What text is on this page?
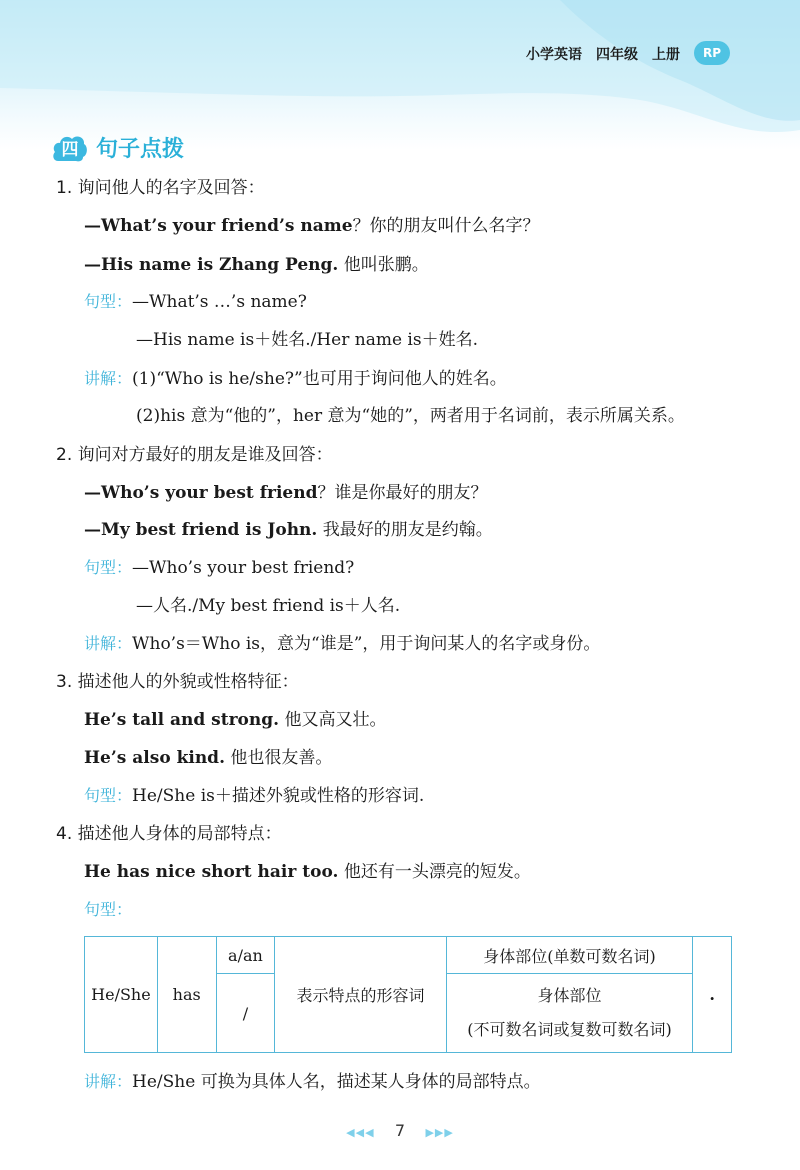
小学英语 四年级 上册	RP
四 句子点拨
1. 询问他人的名字及回答：
—What’s your friend’s name？你的朋友叫什么名字？
—His name is Zhang Peng. 他叫张鹏。
句型：—What’s …’s name?
—His name is＋姓名./Her name is＋姓名.
讲解：(1)“Who is he/she?”也可用于询问他人的姓名。
(2)his 意为“他的”，her 意为“她的”，两者用于名词前，表示所属关系。
2. 询问对方最好的朋友是谁及回答：
—Who’s your best friend？谁是你最好的朋友？
—My best friend is John. 我最好的朋友是约翰。
句型：—Who’s your best friend?
—人名./My best friend is＋人名.
讲解：Who’s＝Who is，意为“谁是”，用于询问某人的名字或身份。
3. 描述他人的外貌或性格特征：
He’s tall and strong. 他又高又壮。
He’s also kind. 他也很友善。
句型：He/She is＋描述外貌或性格的形容词.
4. 描述他人身体的局部特点：
He has nice short hair too. 他还有一头漂亮的短发。
句型：
He/She	has	a/an	表示特点的形容词	身体部位(单数可数名词)	.
		/		身体部位
(不可数名词或复数可数名词)	
讲解：He/She 可换为具体人名，描述某人身体的局部特点。
◀◀◀ 7 ▶▶▶
